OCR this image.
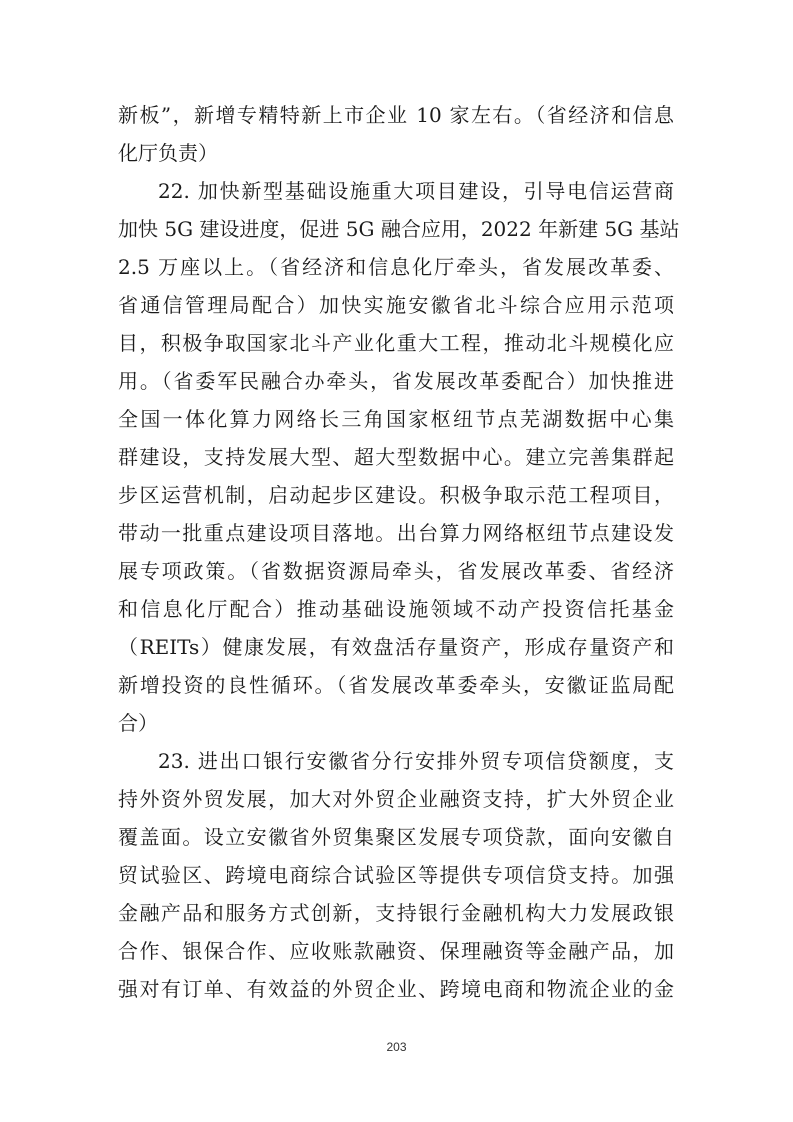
新板”，新增专精特新上市企业 10 家左右。（省经济和信息
化厅负责）
22. 加快新型基础设施重大项目建设，引导电信运营商
加快 5G 建设进度，促进 5G 融合应用，2022 年新建 5G 基站
2.5 万座以上。（省经济和信息化厅牵头，省发展改革委、
省通信管理局配合）加快实施安徽省北斗综合应用示范项
目，积极争取国家北斗产业化重大工程，推动北斗规模化应
用。（省委军民融合办牵头，省发展改革委配合）加快推进
全国一体化算力网络长三角国家枢纽节点芜湖数据中心集
群建设，支持发展大型、超大型数据中心。建立完善集群起
步区运营机制，启动起步区建设。积极争取示范工程项目，
带动一批重点建设项目落地。出台算力网络枢纽节点建设发
展专项政策。（省数据资源局牵头，省发展改革委、省经济
和信息化厅配合）推动基础设施领域不动产投资信托基金
（REITs）健康发展，有效盘活存量资产，形成存量资产和
新增投资的良性循环。（省发展改革委牵头，安徽证监局配
合）
23. 进出口银行安徽省分行安排外贸专项信贷额度，支
持外资外贸发展，加大对外贸企业融资支持，扩大外贸企业
覆盖面。设立安徽省外贸集聚区发展专项贷款，面向安徽自
贸试验区、跨境电商综合试验区等提供专项信贷支持。加强
金融产品和服务方式创新，支持银行金融机构大力发展政银
合作、银保合作、应收账款融资、保理融资等金融产品，加
强对有订单、有效益的外贸企业、跨境电商和物流企业的金
203
